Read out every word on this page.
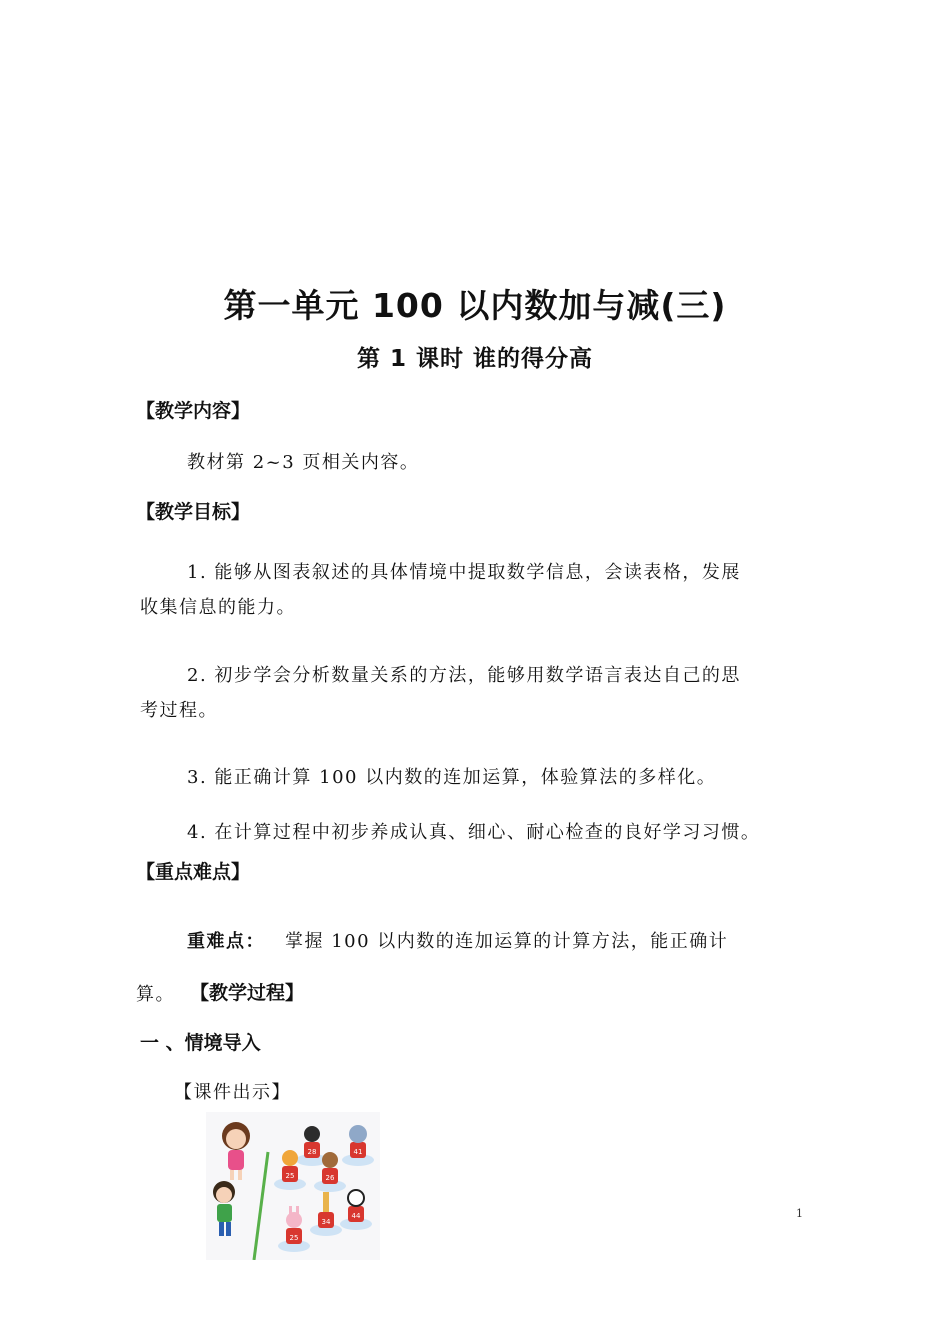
第一单元 100 以内数加与减(三)
第 1 课时 谁的得分高
【教学内容】
教材第 2~3 页相关内容。
【教学目标】
1. 能够从图表叙述的具体情境中提取数学信息，会读表格，发展
收集信息的能力。
2. 初步学会分析数量关系的方法，能够用数学语言表达自己的思
考过程。
3. 能正确计算 100 以内数的连加运算，体验算法的多样化。
4. 在计算过程中初步养成认真、细心、耐心检查的良好学习习惯。
【重点难点】
重难点： 掌握 100 以内数的连加运算的计算方法，能正确计
算。 【教学过程】
一 、情境导入
【课件出示】
28	41
25	26
44
34
25
1
